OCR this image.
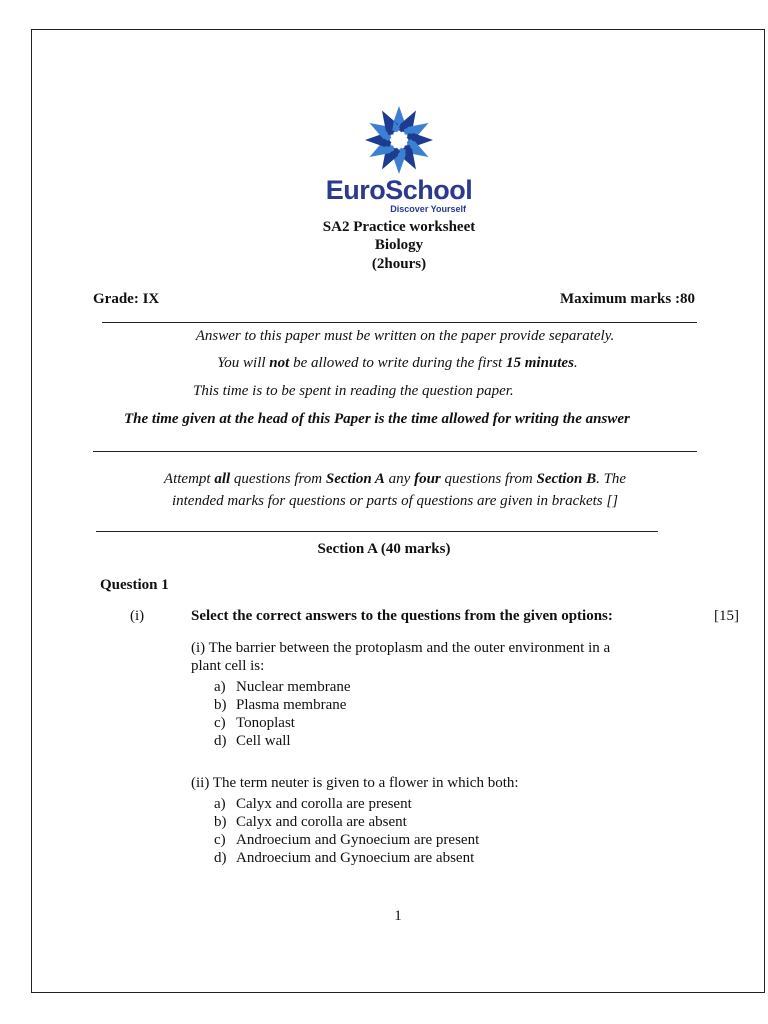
EuroSchool
Discover Yourself
SA2 Practice worksheet
Biology
(2hours)
Grade: IX	Maximum marks :80
Answer to this paper must be written on the paper provide separately.
You will not be allowed to write during the first 15 minutes.
This time is to be spent in reading the question paper.
The time given at the head of this Paper is the time allowed for writing the answer
Attempt all questions from Section A any four questions from Section B. The
intended marks for questions or parts of questions are given in brackets []
Section A (40 marks)
Question 1
(i)	Select the correct answers to the questions from the given options:	[15]
(i) The barrier between the protoplasm and the outer environment in a
plant cell is:
a) Nuclear membrane
b) Plasma membrane
c) Tonoplast
d) Cell wall
(ii) The term neuter is given to a flower in which both:
a) Calyx and corolla are present
b) Calyx and corolla are absent
c) Androecium and Gynoecium are present
d) Androecium and Gynoecium are absent
1
